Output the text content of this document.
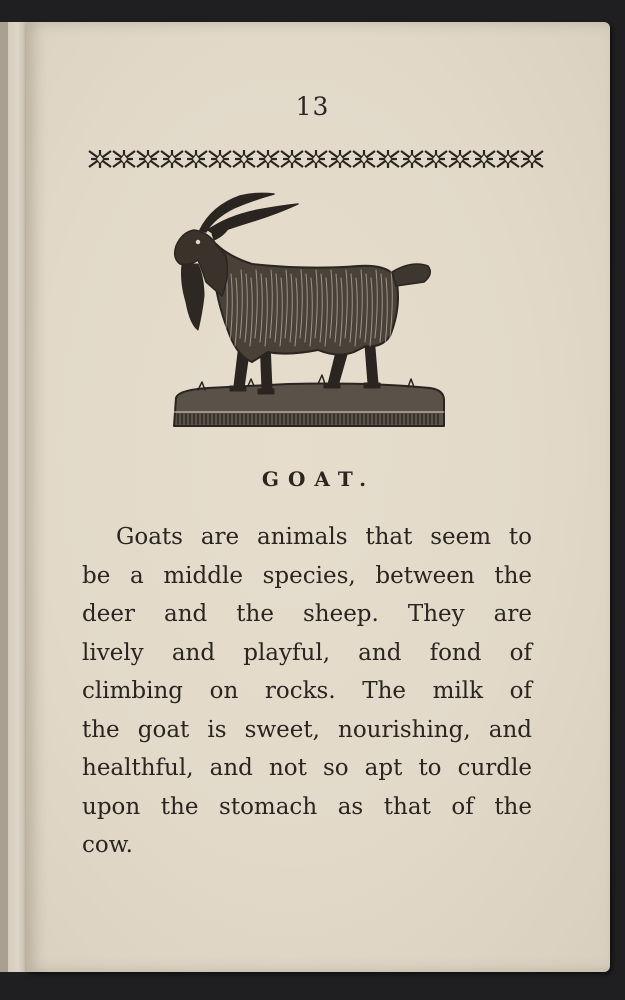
13
GOAT.
Goats are animals that seem to
be a middle species, between the
deer and the sheep. They are
lively and playful, and fond of
climbing on rocks. The milk of
the goat is sweet, nourishing, and
healthful, and not so apt to curdle
upon the stomach as that of the
cow.
